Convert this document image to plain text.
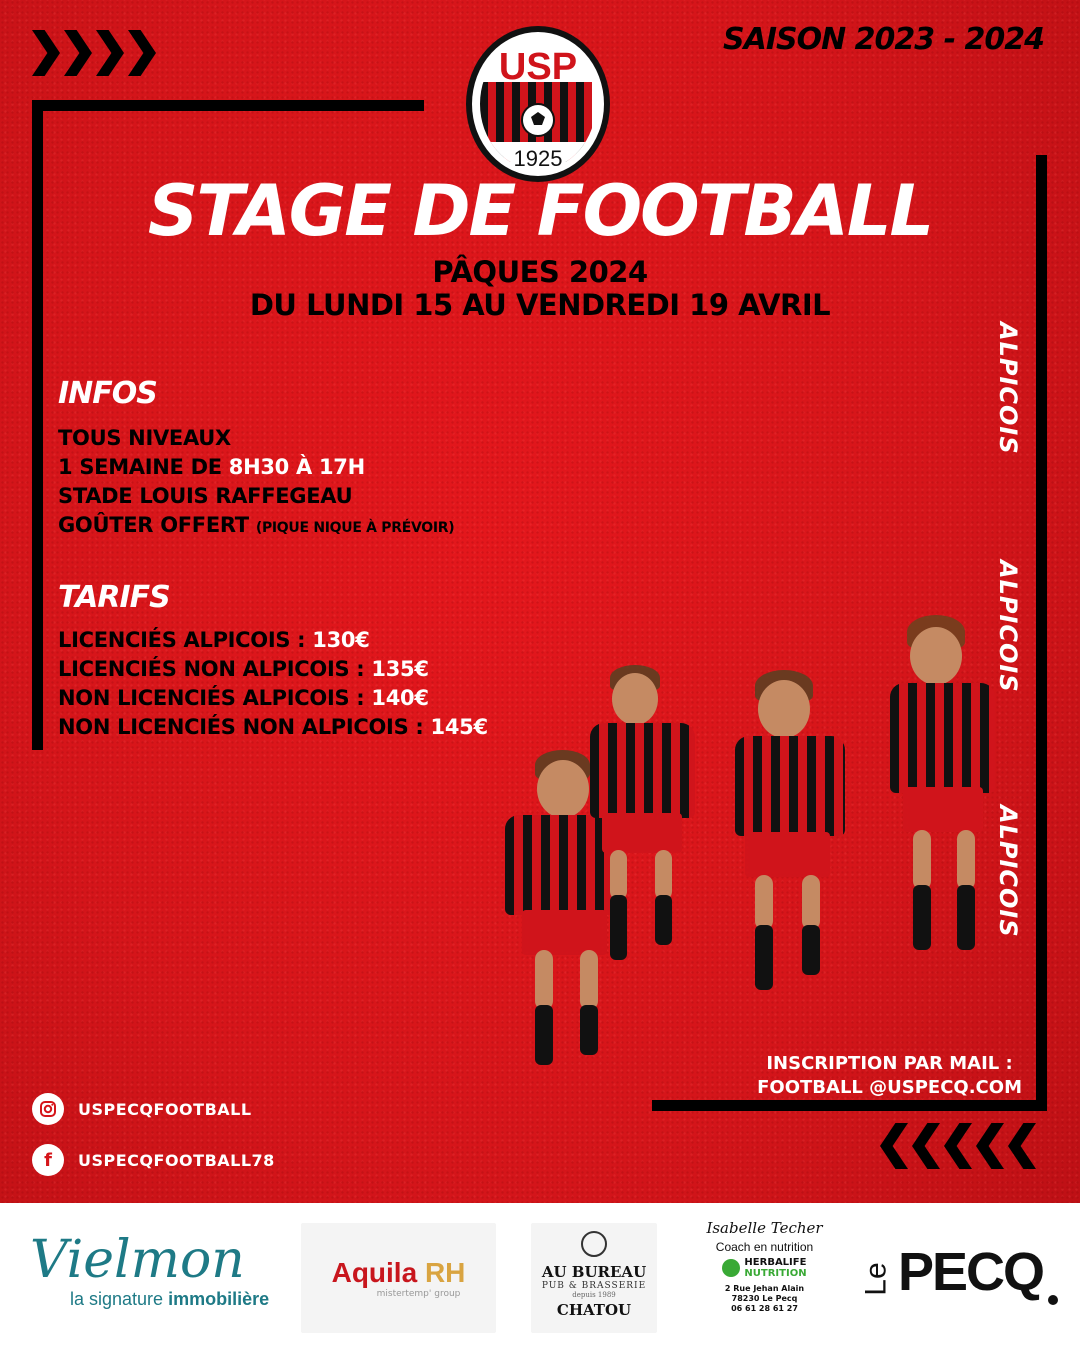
SAISON 2023 - 2024
USP
1925
STAGE DE FOOTBALL
PÂQUES 2024
DU LUNDI 15 AU VENDREDI 19 AVRIL
INFOS
TOUS NIVEAUX
1 SEMAINE DE 8H30 À 17H
STADE LOUIS RAFFEGEAU
GOÛTER OFFERT (PIQUE NIQUE À PRÉVOIR)
TARIFS
LICENCIÉS ALPICOIS : 130€
LICENCIÉS NON ALPICOIS : 135€
NON LICENCIÉS ALPICOIS : 140€
NON LICENCIÉS NON ALPICOIS : 145€
ALPICOIS
ALPICOIS
ALPICOIS
INSCRIPTION PAR MAIL :
FOOTBALL @USPECQ.COM
USPECQFOOTBALL
f	USPECQFOOTBALL78
Vielmon
la signature immobilière
Aquila RH
mistertemp' group
AU BUREAU
PUB & BRASSERIE
depuis 1989
CHATOU
Isabelle Techer
Coach en nutrition
HERBALIFE
NUTRITION
2 Rue Jehan Alain
78230 Le Pecq
06 61 28 61 27
Le PECQ
